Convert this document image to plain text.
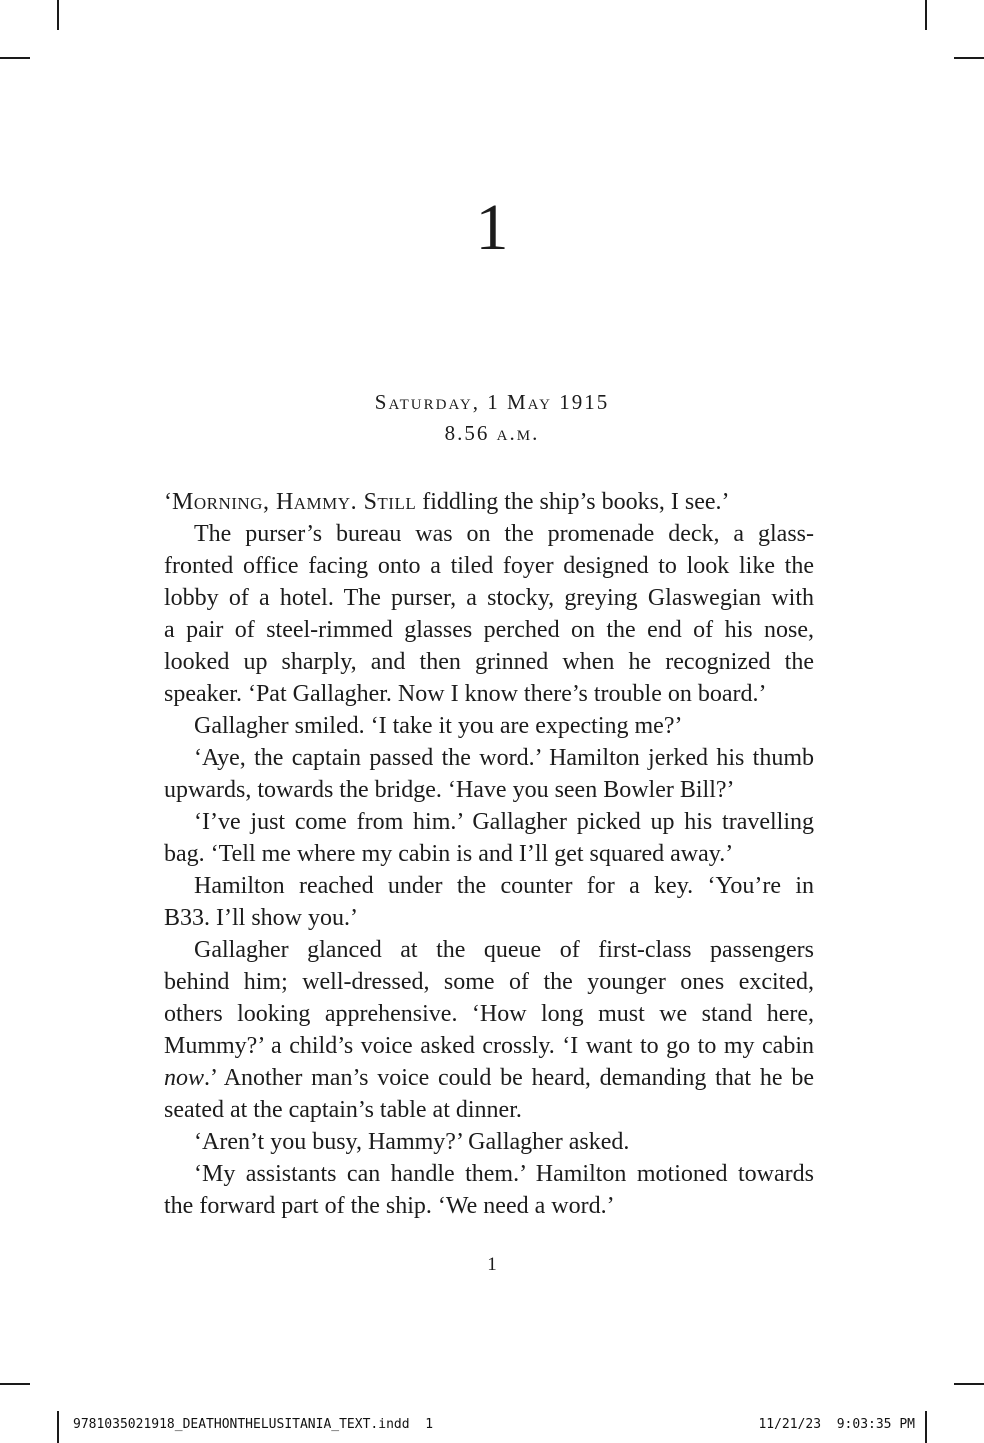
1
Saturday, 1 May 1915
8.56 a.m.
‘Morning, Hammy. Still fiddling the ship’s books, I see.’
The purser’s bureau was on the promenade deck, a glass-
fronted office facing onto a tiled foyer designed to look like the
lobby of a hotel. The purser, a stocky, greying Glaswegian with
a pair of steel-rimmed glasses perched on the end of his nose,
looked up sharply, and then grinned when he recognized the
speaker. ‘Pat Gallagher. Now I know there’s trouble on board.’
Gallagher smiled. ‘I take it you are expecting me?’
‘Aye, the captain passed the word.’ Hamilton jerked his thumb
upwards, towards the bridge. ‘Have you seen Bowler Bill?’
‘I’ve just come from him.’ Gallagher picked up his travelling
bag. ‘Tell me where my cabin is and I’ll get squared away.’
Hamilton reached under the counter for a key. ‘You’re in
B33. I’ll show you.’
Gallagher glanced at the queue of first-class passengers
behind him; well-dressed, some of the younger ones excited,
others looking apprehensive. ‘How long must we stand here,
Mummy?’ a child’s voice asked crossly. ‘I want to go to my cabin
now.’ Another man’s voice could be heard, demanding that he be
seated at the captain’s table at dinner.
‘Aren’t you busy, Hammy?’ Gallagher asked.
‘My assistants can handle them.’ Hamilton motioned towards
the forward part of the ship. ‘We need a word.’
1
9781035021918_DEATHONTHELUSITANIA_TEXT.indd  1	11/21/23  9:03:35 PM
